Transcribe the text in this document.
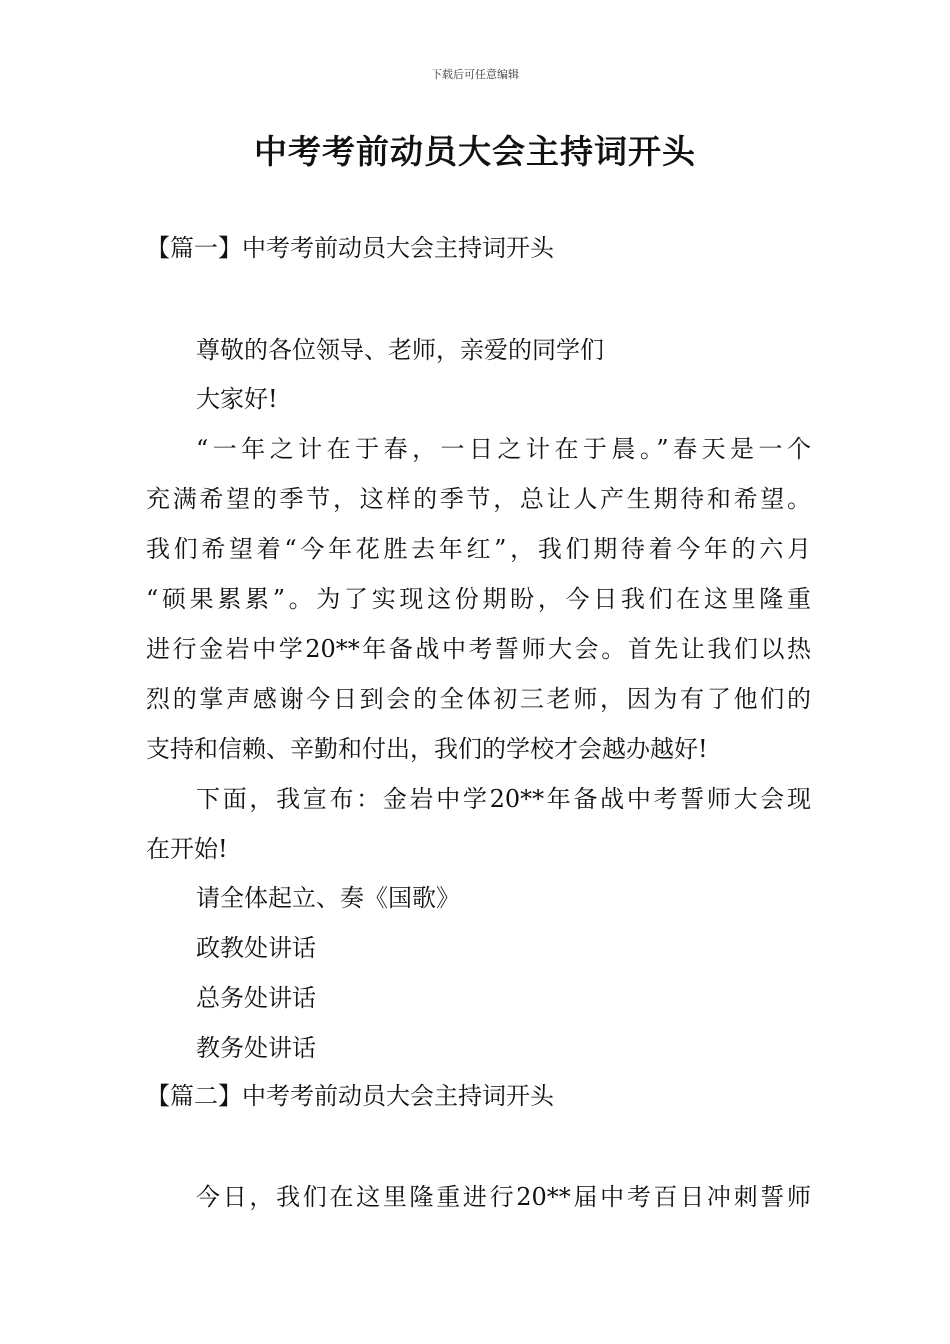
下载后可任意编辑
中考考前动员大会主持词开头
【篇一】中考考前动员大会主持词开头
尊敬的各位领导、老师，亲爱的同学们
大家好!
“一年之计在于春，一日之计在于晨。”春天是一个
充满希望的季节，这样的季节，总让人产生期待和希望。
我们希望着“今年花胜去年红”，我们期待着今年的六月
“硕果累累”。为了实现这份期盼，今日我们在这里隆重
进行金岩中学20**年备战中考誓师大会。首先让我们以热
烈的掌声感谢今日到会的全体初三老师，因为有了他们的
支持和信赖、辛勤和付出，我们的学校才会越办越好!
下面，我宣布：金岩中学20**年备战中考誓师大会现
在开始!
请全体起立、奏《国歌》
政教处讲话
总务处讲话
教务处讲话
【篇二】中考考前动员大会主持词开头
今日，我们在这里隆重进行20**届中考百日冲刺誓师
